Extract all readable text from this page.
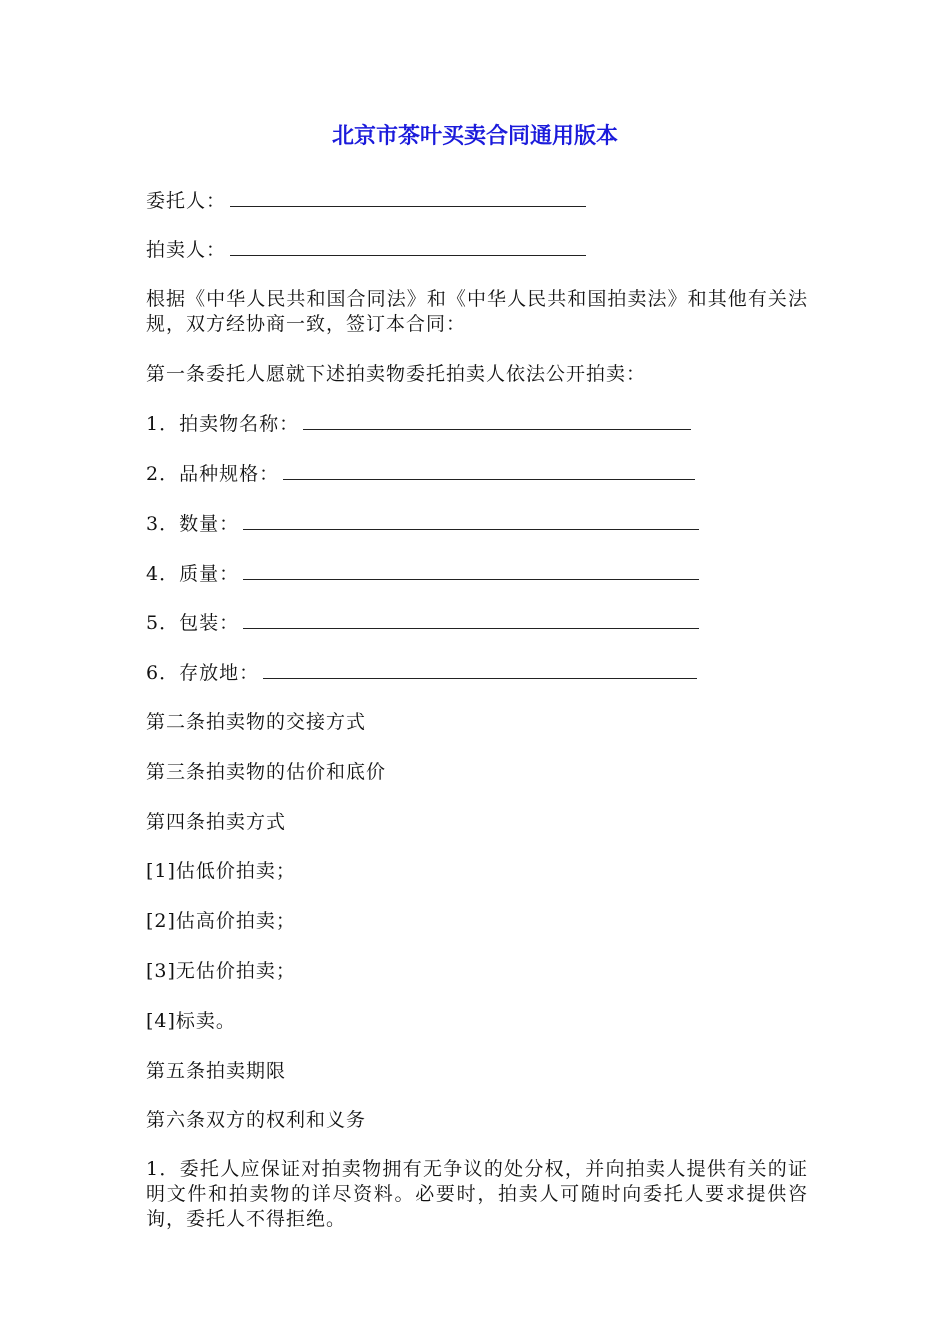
北京市茶叶买卖合同通用版本
委托人：
拍卖人：
根据《中华人民共和国合同法》和《中华人民共和国拍卖法》和其他有关法规，双方经协商一致，签订本合同：
第一条委托人愿就下述拍卖物委托拍卖人依法公开拍卖：
1．拍卖物名称：
2．品种规格：
3．数量：
4．质量：
5．包装：
6．存放地：
第二条拍卖物的交接方式
第三条拍卖物的估价和底价
第四条拍卖方式
[1]估低价拍卖；
[2]估高价拍卖；
[3]无估价拍卖；
[4]标卖。
第五条拍卖期限
第六条双方的权利和义务
1．委托人应保证对拍卖物拥有无争议的处分权，并向拍卖人提供有关的证明文件和拍卖物的详尽资料。必要时，拍卖人可随时向委托人要求提供咨询，委托人不得拒绝。
